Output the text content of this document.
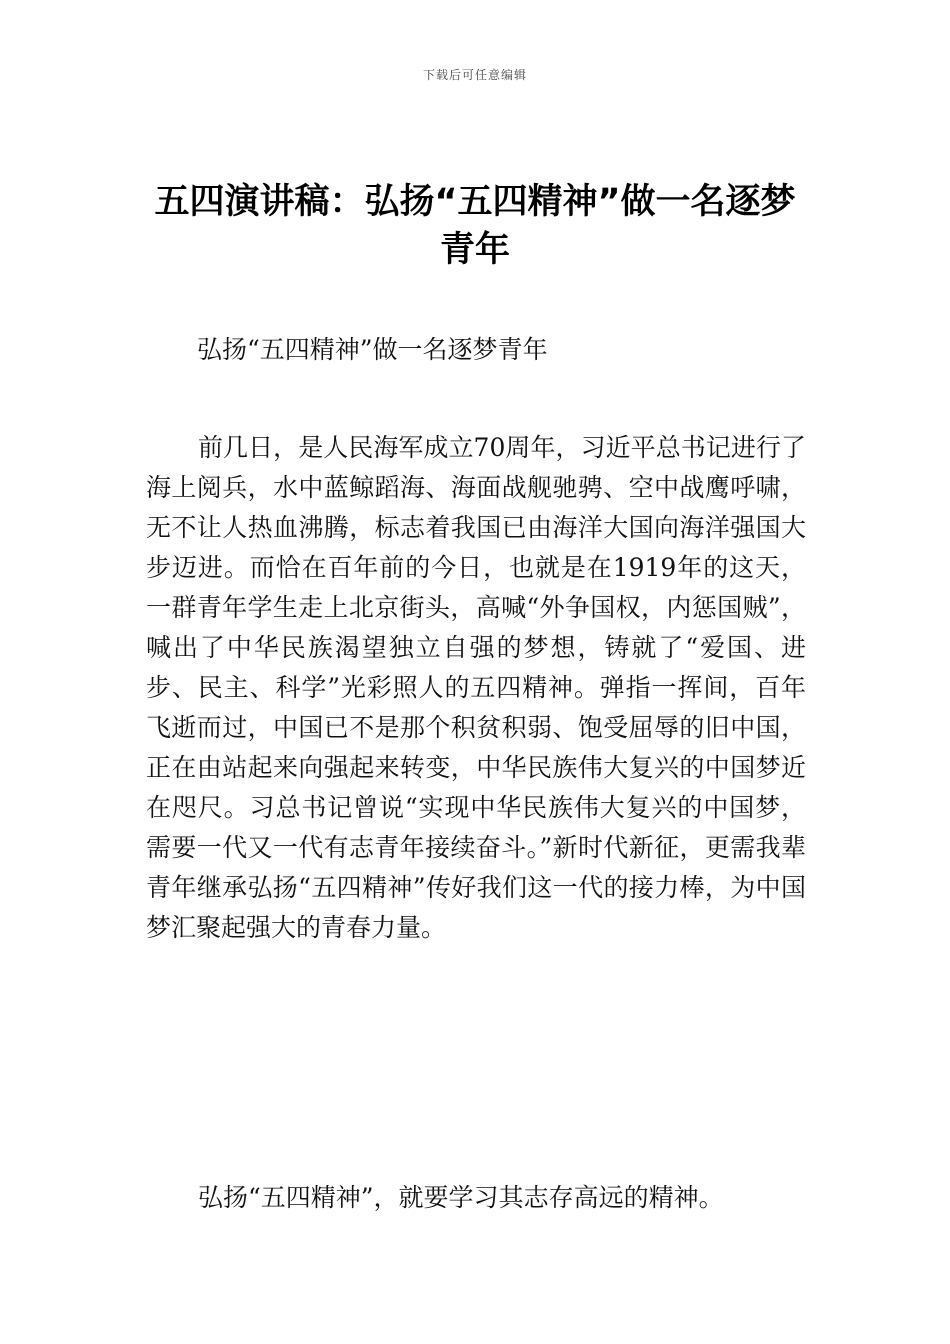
下载后可任意编辑
五四演讲稿：弘扬“五四精神”做一名逐梦青年

弘扬“五四精神”做一名逐梦青年

前几日，是人民海军成立70周年，习近平总书记进行了海上阅兵，水中蓝鲸蹈海、海面战舰驰骋、空中战鹰呼啸，无不让人热血沸腾，标志着我国已由海洋大国向海洋强国大步迈进。而恰在百年前的今日，也就是在1919年的这天，一群青年学生走上北京街头，高喊“外争国权，内惩国贼”，喊出了中华民族渴望独立自强的梦想，铸就了“爱国、进步、民主、科学”光彩照人的五四精神。弹指一挥间，百年飞逝而过，中国已不是那个积贫积弱、饱受屈辱的旧中国，正在由站起来向强起来转变，中华民族伟大复兴的中国梦近在咫尺。习总书记曾说“实现中华民族伟大复兴的中国梦，需要一代又一代有志青年接续奋斗。”新时代新征，更需我辈青年继承弘扬“五四精神”传好我们这一代的接力棒，为中国梦汇聚起强大的青春力量。

弘扬“五四精神”，就要学习其志存高远的精神。
